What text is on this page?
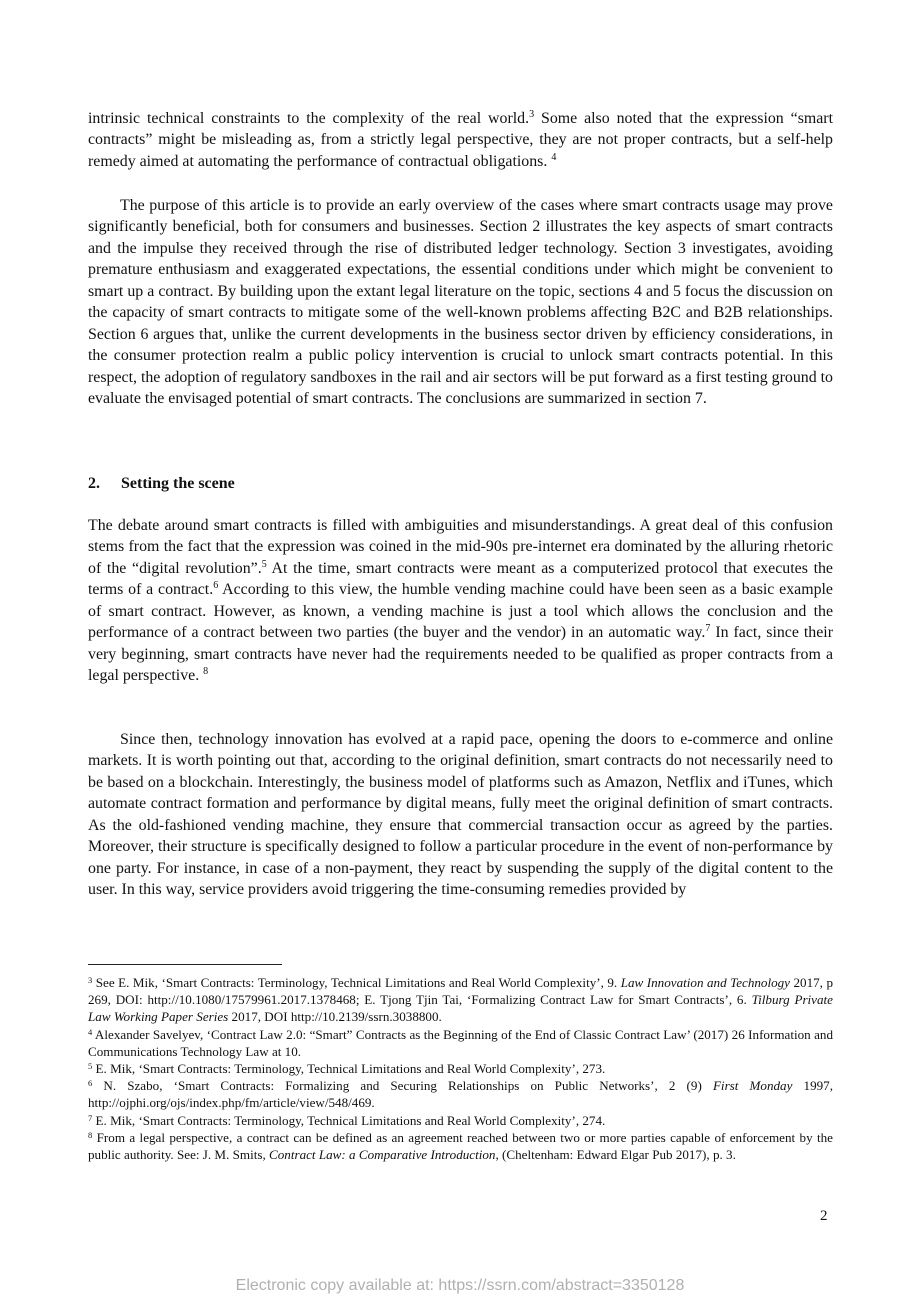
intrinsic technical constraints to the complexity of the real world.$^3$ Some also noted that the expression “smart contracts” might be misleading as, from a strictly legal perspective, they are not proper contracts, but a self-help remedy aimed at automating the performance of contractual obligations. $^4$

The purpose of this article is to provide an early overview of the cases where smart contracts usage may prove significantly beneficial, both for consumers and businesses. Section 2 illustrates the key aspects of smart contracts and the impulse they received through the rise of distributed ledger technology. Section 3 investigates, avoiding premature enthusiasm and exaggerated expectations, the essential conditions under which might be convenient to smart up a contract. By building upon the extant legal literature on the topic, sections 4 and 5 focus the discussion on the capacity of smart contracts to mitigate some of the well-known problems affecting B2C and B2B relationships. Section 6 argues that, unlike the current developments in the business sector driven by efficiency considerations, in the consumer protection realm a public policy intervention is crucial to unlock smart contracts potential. In this respect, the adoption of regulatory sandboxes in the rail and air sectors will be put forward as a first testing ground to evaluate the envisaged potential of smart contracts. The conclusions are summarized in section 7.

2. Setting the scene

The debate around smart contracts is filled with ambiguities and misunderstandings. A great deal of this confusion stems from the fact that the expression was coined in the mid-90s pre-internet era dominated by the alluring rhetoric of the “digital revolution”.$^5$ At the time, smart contracts were meant as a computerized protocol that executes the terms of a contract.$^6$ According to this view, the humble vending machine could have been seen as a basic example of smart contract. However, as known, a vending machine is just a tool which allows the conclusion and the performance of a contract between two parties (the buyer and the vendor) in an automatic way.$^7$ In fact, since their very beginning, smart contracts have never had the requirements needed to be qualified as proper contracts from a legal perspective. $^8$

Since then, technology innovation has evolved at a rapid pace, opening the doors to e-commerce and online markets. It is worth pointing out that, according to the original definition, smart contracts do not necessarily need to be based on a blockchain. Interestingly, the business model of platforms such as Amazon, Netflix and iTunes, which automate contract formation and performance by digital means, fully meet the original definition of smart contracts. As the old-fashioned vending machine, they ensure that commercial transaction occur as agreed by the parties. Moreover, their structure is specifically designed to follow a particular procedure in the event of non-performance by one party. For instance, in case of a non-payment, they react by suspending the supply of the digital content to the user. In this way, service providers avoid triggering the time-consuming remedies provided by

$^3$ See E. Mik, ‘Smart Contracts: Terminology, Technical Limitations and Real World Complexity’, 9. Law Innovation and Technology 2017, p 269, DOI: http://10.1080/17579961.2017.1378468; E. Tjong Tjin Tai, ‘Formalizing Contract Law for Smart Contracts’, 6. Tilburg Private Law Working Paper Series 2017, DOI http://10.2139/ssrn.3038800.

$^4$ Alexander Savelyev, ‘Contract Law 2.0: “Smart” Contracts as the Beginning of the End of Classic Contract Law’ (2017) 26 Information and Communications Technology Law at 10.

$^5$ E. Mik, ‘Smart Contracts: Terminology, Technical Limitations and Real World Complexity’, 273.

$^6$ N. Szabo, ‘Smart Contracts: Formalizing and Securing Relationships on Public Networks’, 2 (9) First Monday 1997, http://ojphi.org/ojs/index.php/fm/article/view/548/469.

$^7$ E. Mik, ‘Smart Contracts: Terminology, Technical Limitations and Real World Complexity’, 274.

$^8$ From a legal perspective, a contract can be defined as an agreement reached between two or more parties capable of enforcement by the public authority. See: J. M. Smits, Contract Law: a Comparative Introduction, (Cheltenham: Edward Elgar Pub 2017), p. 3.

2
Electronic copy available at: https://ssrn.com/abstract=3350128
